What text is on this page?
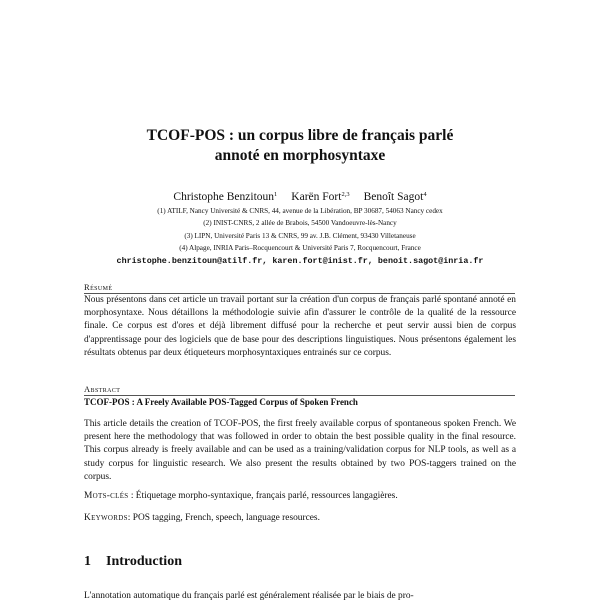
TCOF-POS : un corpus libre de français parlé
annoté en morphosyntaxe
Christophe Benzitoun$^1$ Karën Fort$^{2,3}$ Benoît Sagot$^4$
(1) ATILF, Nancy Université & CNRS, 44, avenue de la Libération, BP 30687, 54063 Nancy cedex
(2) INIST-CNRS, 2 allée de Brabois, 54500 Vandoeuvre-lès-Nancy
(3) LIPN, Université Paris 13 & CNRS, 99 av. J.B. Clément, 93430 Villetaneuse
(4) Alpage, INRIA Paris–Rocquencourt & Université Paris 7, Rocquencourt, France
christophe.benzitoun@atilf.fr, karen.fort@inist.fr, benoit.sagot@inria.fr
Résumé
Nous présentons dans cet article un travail portant sur la création d'un corpus de français parlé spontané annoté en morphosyntaxe. Nous détaillons la méthodologie suivie afin d'assurer le contrôle de la qualité de la ressource finale. Ce corpus est d'ores et déjà librement diffusé pour la recherche et peut servir aussi bien de corpus d'apprentissage pour des logiciels que de base pour des descriptions linguistiques. Nous présentons également les résultats obtenus par deux étiqueteurs morphosyntaxiques entrainés sur ce corpus.
Abstract
TCOF-POS : A Freely Available POS-Tagged Corpus of Spoken French
This article details the creation of TCOF-POS, the first freely available corpus of spontaneous spoken French. We present here the methodology that was followed in order to obtain the best possible quality in the final resource. This corpus already is freely available and can be used as a training/validation corpus for NLP tools, as well as a study corpus for linguistic research. We also present the results obtained by two POS-taggers trained on the corpus.
Mots-clés : Étiquetage morpho-syntaxique, français parlé, ressources langagières.
Keywords: POS tagging, French, speech, language resources.
1 Introduction
L'annotation automatique du français parlé est généralement réalisée par le biais de pro-
